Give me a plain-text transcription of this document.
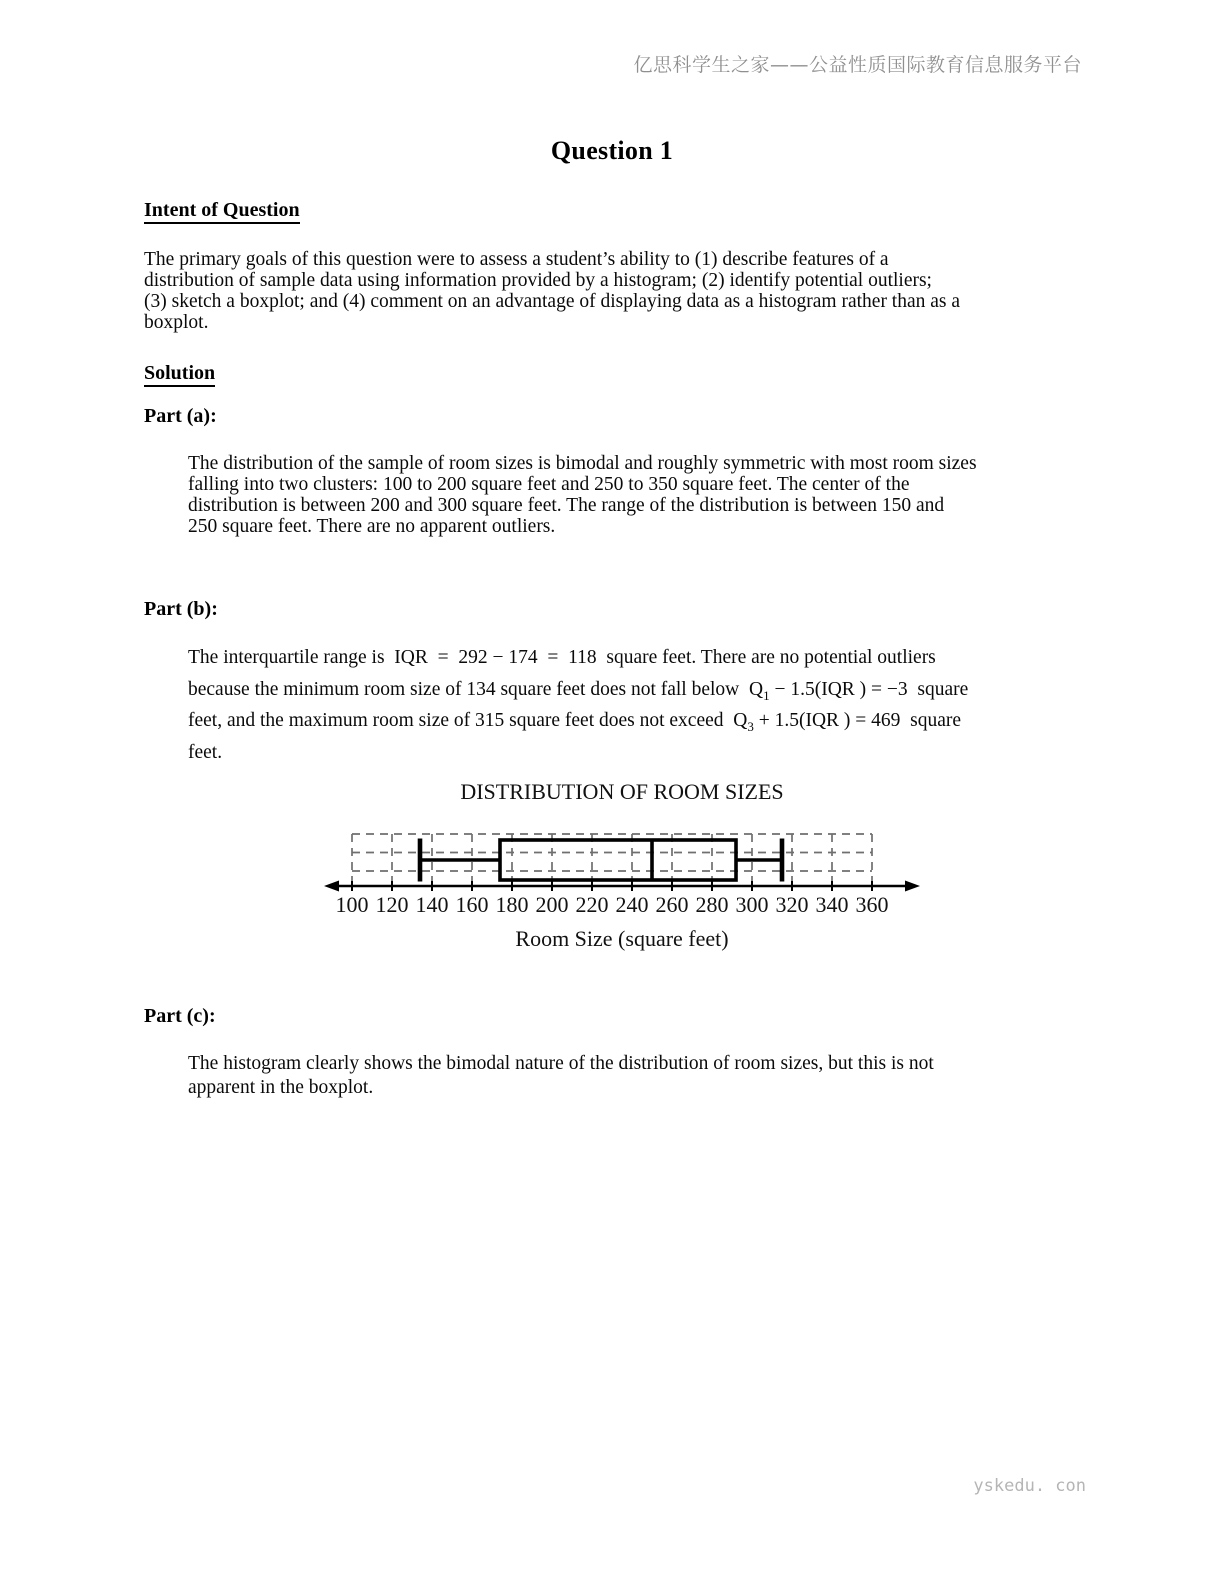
亿思科学生之家——公益性质国际教育信息服务平台
Question 1
Intent of Question
The primary goals of this question were to assess a student’s ability to (1) describe features of a
distribution of sample data using information provided by a histogram; (2) identify potential outliers;
(3) sketch a boxplot; and (4) comment on an advantage of displaying data as a histogram rather than as a
boxplot.
Solution
Part (a):
The distribution of the sample of room sizes is bimodal and roughly symmetric with most room sizes
falling into two clusters: 100 to 200 square feet and 250 to 350 square feet. The center of the
distribution is between 200 and 300 square feet. The range of the distribution is between 150 and
250 square feet. There are no apparent outliers.
Part (b):
The interquartile range is  IQR  =  292 − 174  =  118  square feet. There are no potential outliers
because the minimum room size of 134 square feet does not fall below  $Q_1 - 1.5(IQR$ ) = −3  square
feet, and the maximum room size of 315 square feet does not exceed  $Q_3 + 1.5(IQR$ ) = 469  square
feet.
DISTRIBUTION OF ROOM SIZES
100 120 140 160 180 200 220 240 260 280 300 320 340 360
Room Size (square feet)
Part (c):
The histogram clearly shows the bimodal nature of the distribution of room sizes, but this is not
apparent in the boxplot.
yskedu. con
